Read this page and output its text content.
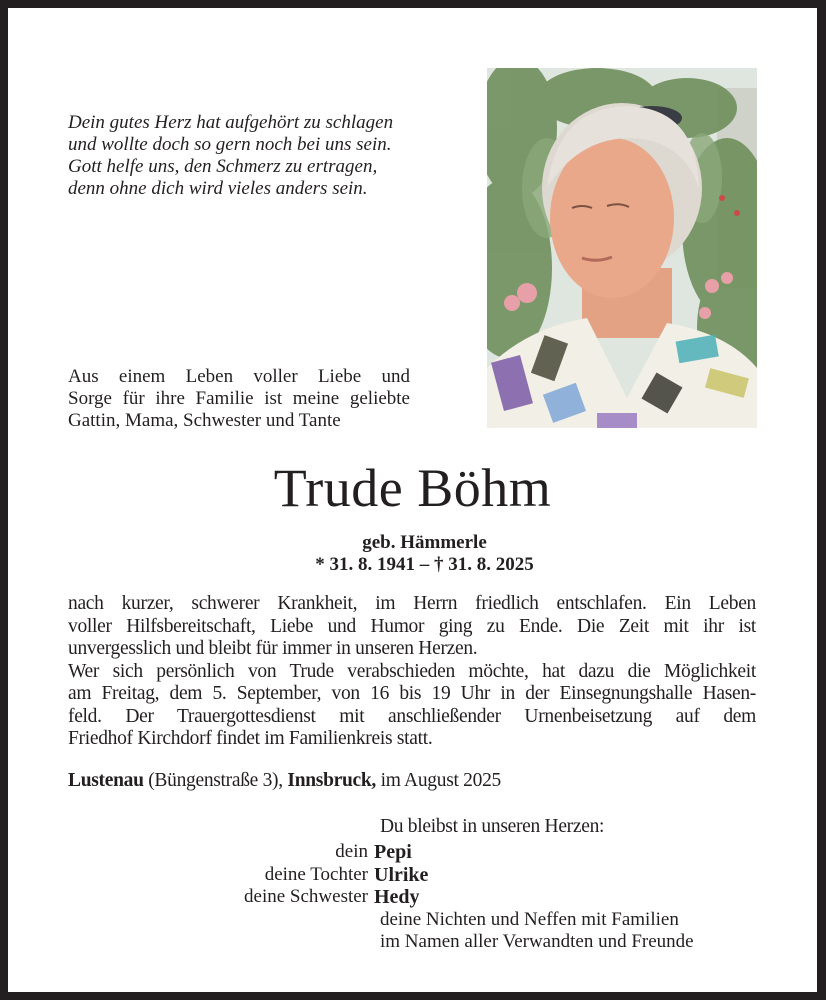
Dein gutes Herz hat aufgehört zu schlagen
und wollte doch so gern noch bei uns sein.
Gott helfe uns, den Schmerz zu ertragen,
denn ohne dich wird vieles anders sein.
Aus einem Leben voller Liebe und
Sorge für ihre Familie ist meine geliebte
Gattin, Mama, Schwester und Tante
Trude Böhm
geb. Hämmerle
* 31. 8. 1941 – † 31. 8. 2025
nach kurzer, schwerer Krankheit, im Herrn friedlich entschlafen. Ein Leben
voller Hilfsbereitschaft, Liebe und Humor ging zu Ende. Die Zeit mit ihr ist
unvergesslich und bleibt für immer in unseren Herzen.
Wer sich persönlich von Trude verabschieden möchte, hat dazu die Möglichkeit
am Freitag, dem 5. September, von 16 bis 19 Uhr in der Einsegnungshalle Hasen-
feld. Der Trauergottesdienst mit anschließender Urnenbeisetzung auf dem
Friedhof Kirchdorf findet im Familienkreis statt.
Lustenau (Büngenstraße 3), Innsbruck, im August 2025
Du bleibst in unseren Herzen:
dein Pepi
deine Tochter Ulrike
deine Schwester Hedy
deine Nichten und Neffen mit Familien
im Namen aller Verwandten und Freunde
